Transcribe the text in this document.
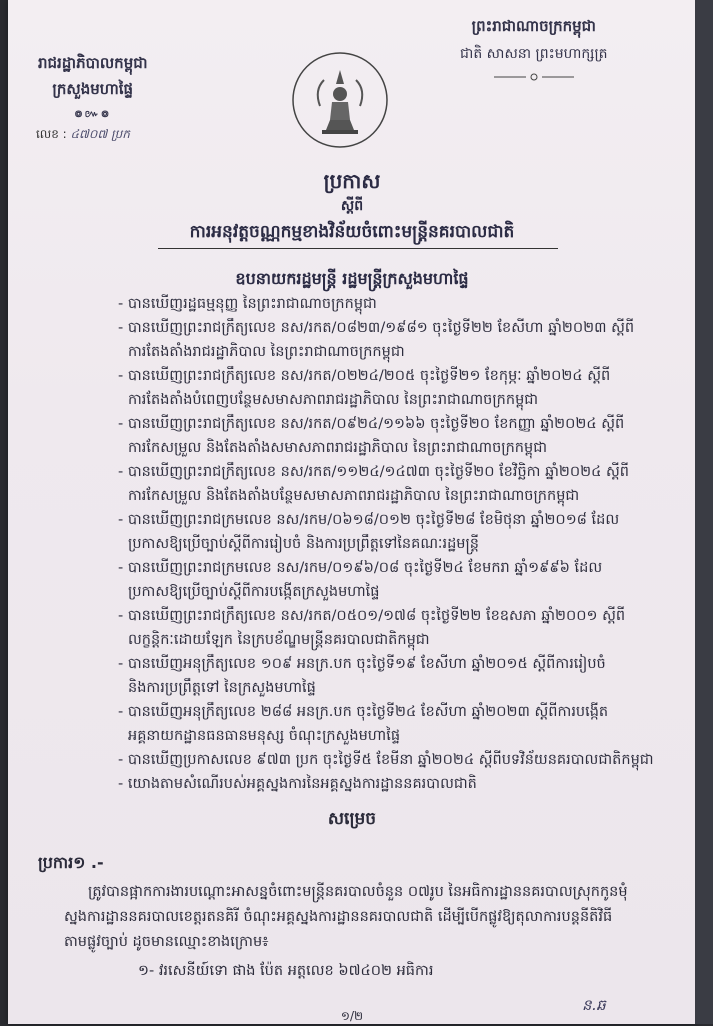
រាជរដ្ឋាភិបាលកម្ពុជា
ក្រសួងមហាផ្ទៃ
៙៚៙
លេខ : ៤៧០៧ ប្រក
ព្រះរាជាណាចក្រកម្ពុជា
ជាតិ សាសនា ព្រះមហាក្សត្រ
ប្រកាស
ស្តីពី
ការអនុវត្តចណ្ណកម្មខាងវិន័យចំពោះមន្ត្រីនគរបាលជាតិ
ឧបនាយករដ្ឋមន្ត្រី រដ្ឋមន្ត្រីក្រសួងមហាផ្ទៃ
- បានឃើញរដ្ឋធម្មនុញ្ញ នៃព្រះរាជាណាចក្រកម្ពុជា
- បានឃើញព្រះរាជក្រឹត្យលេខ នស/រកត/០៨២៣/១៩៨១ ចុះថ្ងៃទី២២ ខែសីហា ឆ្នាំ២០២៣ ស្តីពី
ការតែងតាំងរាជរដ្ឋាភិបាល នៃព្រះរាជាណាចក្រកម្ពុជា
- បានឃើញព្រះរាជក្រឹត្យលេខ នស/រកត/០២២៤/២០៥ ចុះថ្ងៃទី២១ ខែកុម្ភៈ ឆ្នាំ២០២៤ ស្តីពី
ការតែងតាំងបំពេញបន្ថែមសមាសភាពរាជរដ្ឋាភិបាល នៃព្រះរាជាណាចក្រកម្ពុជា
- បានឃើញព្រះរាជក្រឹត្យលេខ នស/រកត/០៩២៤/១១៦៦ ចុះថ្ងៃទី២០ ខែកញ្ញា ឆ្នាំ២០២៤ ស្តីពី
ការកែសម្រួល និងតែងតាំងសមាសភាពរាជរដ្ឋាភិបាល នៃព្រះរាជាណាចក្រកម្ពុជា
- បានឃើញព្រះរាជក្រឹត្យលេខ នស/រកត/១១២៤/១៤៧៣ ចុះថ្ងៃទី២០ ខែវិច្ឆិកា ឆ្នាំ២០២៤ ស្តីពី
ការកែសម្រួល និងតែងតាំងបន្ថែមសមាសភាពរាជរដ្ឋាភិបាល នៃព្រះរាជាណាចក្រកម្ពុជា
- បានឃើញព្រះរាជក្រមលេខ នស/រកម/០៦១៨/០១២ ចុះថ្ងៃទី២៨ ខែមិថុនា ឆ្នាំ២០១៨ ដែល
ប្រកាសឱ្យប្រើច្បាប់ស្តីពីការរៀបចំ និងការប្រព្រឹត្តទៅនៃគណៈរដ្ឋមន្ត្រី
- បានឃើញព្រះរាជក្រមលេខ នស/រកម/០១៩៦/០៨ ចុះថ្ងៃទី២៤ ខែមករា ឆ្នាំ១៩៩៦ ដែល
ប្រកាសឱ្យប្រើច្បាប់ស្តីពីការបង្កើតក្រសួងមហាផ្ទៃ
- បានឃើញព្រះរាជក្រឹត្យលេខ នស/រកត/០៥០១/១៧៨ ចុះថ្ងៃទី២២ ខែឧសភា ឆ្នាំ២០០១ ស្តីពី
លក្ខន្តិកៈដោយឡែក នៃក្របខ័ណ្ឌមន្ត្រីនគរបាលជាតិកម្ពុជា
- បានឃើញអនុក្រឹត្យលេខ ១០៩ អនក្រ.បក ចុះថ្ងៃទី១៩ ខែសីហា ឆ្នាំ២០១៥ ស្តីពីការរៀបចំ
និងការប្រព្រឹត្តទៅ នៃក្រសួងមហាផ្ទៃ
- បានឃើញអនុក្រឹត្យលេខ ២៨៨ អនក្រ.បក ចុះថ្ងៃទី២៤ ខែសីហា ឆ្នាំ២០២៣ ស្តីពីការបង្កើត
អគ្គនាយកដ្ឋានធនធានមនុស្ស ចំណុះក្រសួងមហាផ្ទៃ
- បានឃើញប្រកាសលេខ ៩៧៣ ប្រក ចុះថ្ងៃទី៥ ខែមីនា ឆ្នាំ២០២៤ ស្តីពីបទវិន័យនគរបាលជាតិកម្ពុជា
- យោងតាមសំណើរបស់អគ្គស្នងការនៃអគ្គស្នងការដ្ឋាននគរបាលជាតិ
សម្រេច
ប្រការ១ .-
ត្រូវបានផ្អាកការងារបណ្តោះអាសន្នចំពោះមន្ត្រីនគរបាលចំនួន ០៧រូប នៃអធិការដ្ឋាននគរបាលស្រុកកូនមុំ
ស្នងការដ្ឋាននគរបាលខេត្តរតនគិរី ចំណុះអគ្គស្នងការដ្ឋាននគរបាលជាតិ ដើម្បីបើកផ្លូវឱ្យតុលាការបន្តនីតិវិធី
តាមផ្លូវច្បាប់ ដូចមានឈ្មោះខាងក្រោម៖
១- វរសេនីយ៍ទោ ផាង ប៉ែត អត្តលេខ ៦៧៤០២ អធិការ
១/២
ន.ឆ
